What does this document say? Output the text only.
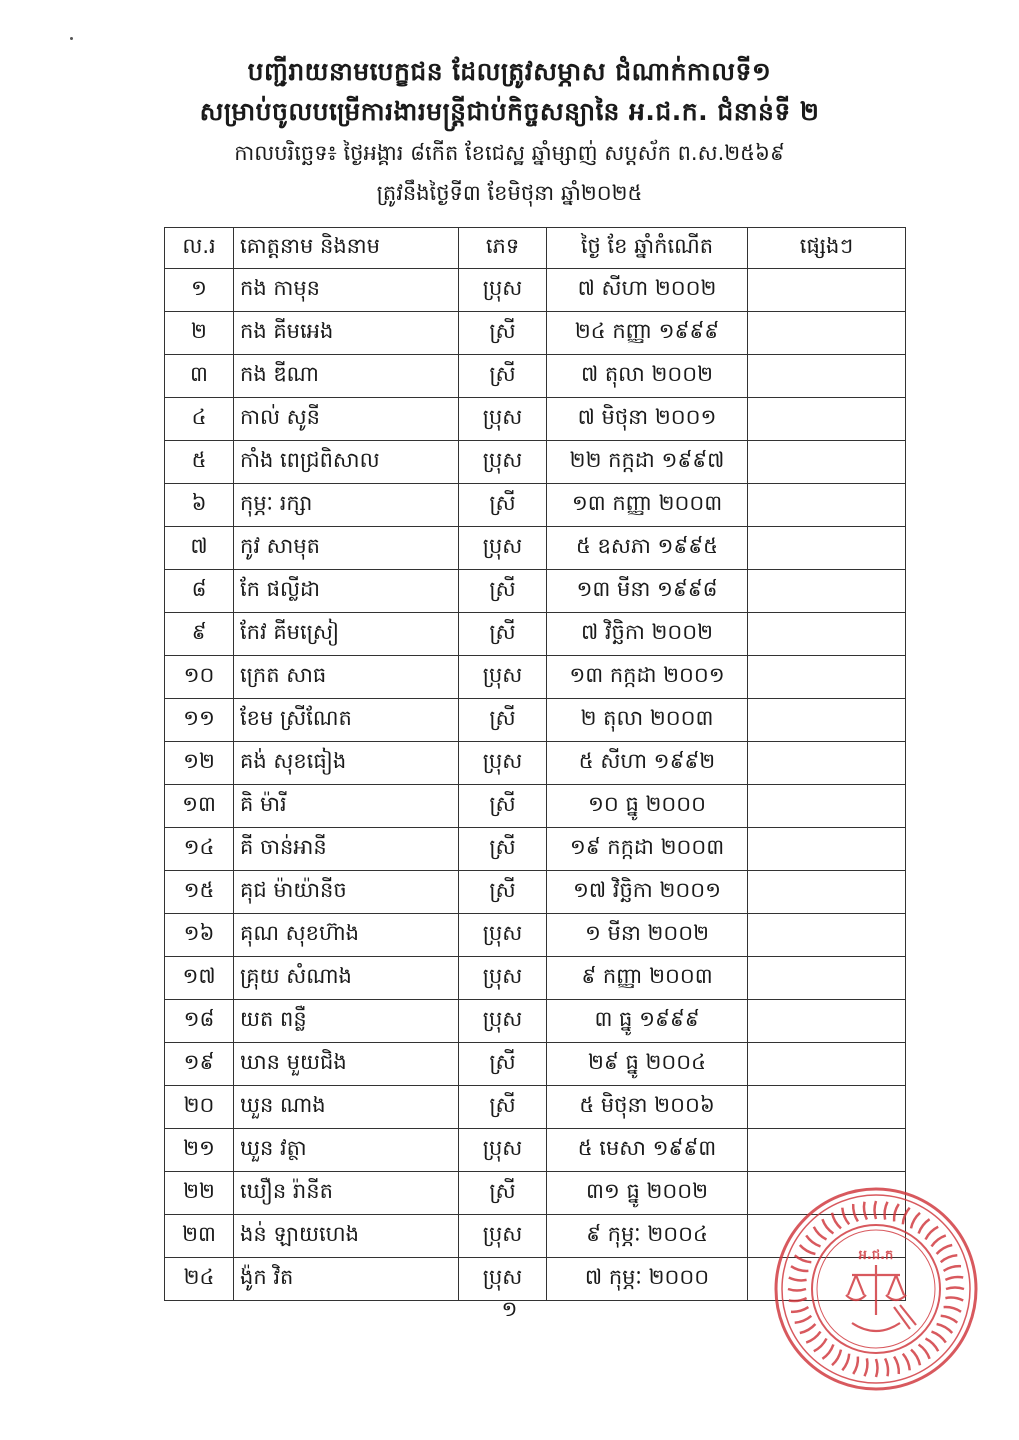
បញ្ជីរាយនាមបេក្ខជន ដែលត្រូវសម្ភាស ជំណាក់កាលទី១
សម្រាប់ចូលបម្រើការងារមន្ត្រីជាប់កិច្ចសន្យានៃ អ.ជ.ក. ជំនាន់ទី ២
កាលបរិច្ឆេទ៖ ថ្ងៃអង្គារ ៨កើត ខែជេស្ឋ ឆ្នាំម្សាញ់ សប្តស័ក ព.ស.២៥៦៩
ត្រូវនឹងថ្ងៃទី៣ ខែមិថុនា ឆ្នាំ២០២៥
ល.រ	គោត្តនាម និងនាម	ភេទ	ថ្ងៃ ខែ ឆ្នាំកំណើត	ផ្សេងៗ
១	កង កាមុន	ប្រុស	៧ សីហា ២០០២	
២	កង គីមអេង	ស្រី	២៤ កញ្ញា ១៩៩៩	
៣	កង ឌីណា	ស្រី	៧ តុលា ២០០២	
៤	កាល់ សូនី	ប្រុស	៧ មិថុនា ២០០១	
៥	កាំង ពេជ្រពិសាល	ប្រុស	២២ កក្កដា ១៩៩៧	
៦	កុម្ភៈ រក្សា	ស្រី	១៣ កញ្ញា ២០០៣	
៧	កូវ សាមុត	ប្រុស	៥ ឧសភា ១៩៩៥	
៨	កែ ផល្លីដា	ស្រី	១៣ មីនា ១៩៩៨	
៩	កែវ គីមស្រៀ	ស្រី	៧ វិច្ឆិកា ២០០២	
១០	ក្រេត សាធ	ប្រុស	១៣ កក្កដា ២០០១	
១១	ខែម ស្រីណែត	ស្រី	២ តុលា ២០០៣	
១២	គង់ សុខធៀង	ប្រុស	៥ សីហា ១៩៩២	
១៣	គិ ម៉ារី	ស្រី	១០ ធ្នូ ២០០០	
១៤	គី ចាន់អានី	ស្រី	១៩ កក្កដា ២០០៣	
១៥	គុជ ម៉ាយ៉ានីច	ស្រី	១៧ វិច្ឆិកា ២០០១	
១៦	គុណ សុខហ៊ាង	ប្រុស	១ មីនា ២០០២	
១៧	គ្រុយ សំណាង	ប្រុស	៩ កញ្ញា ២០០៣	
១៨	យត ពន្លឺ	ប្រុស	៣ ធ្នូ ១៩៩៩	
១៩	ឃាន មួយជិង	ស្រី	២៩ ធ្នូ ២០០៤	
២០	ឃួន ណាង	ស្រី	៥ មិថុនា ២០០៦	
២១	ឃួន វត្ថា	ប្រុស	៥ មេសា ១៩៩៣	
២២	ឃឿន រ៉ានីត	ស្រី	៣១ ធ្នូ ២០០២	
២៣	ងន់ ឡាយហេង	ប្រុស	៩ កុម្ភៈ ២០០៤	
២៤	ង៉ូក វិត	ប្រុស	៧ កុម្ភៈ ២០០០	
១
អ.ជ.ក
